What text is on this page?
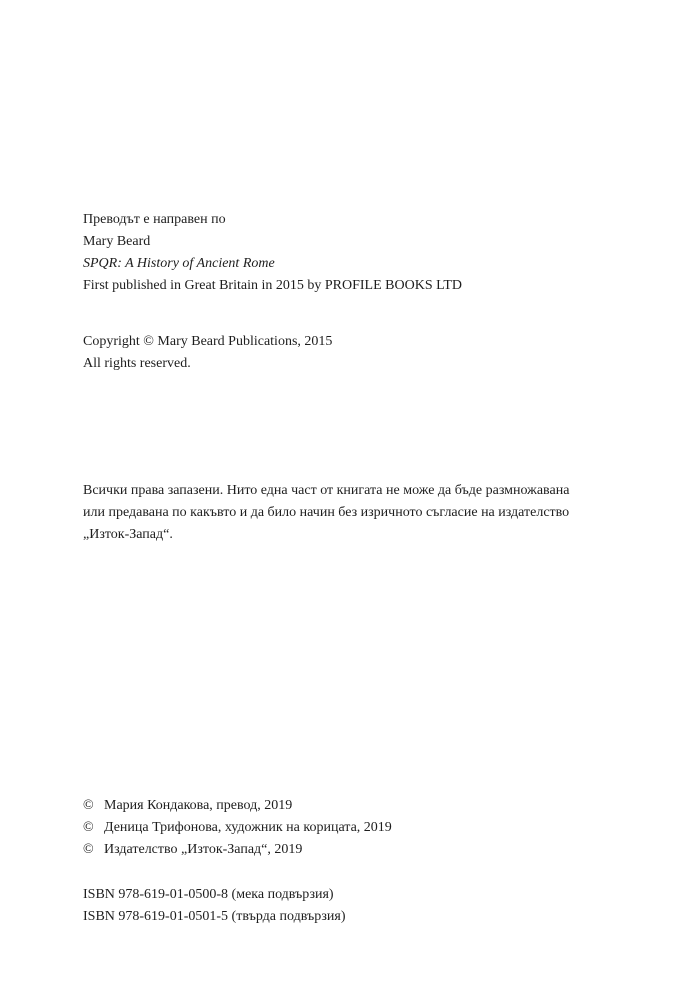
Преводът е направен по
Mary Beard
SPQR: A History of Ancient Rome
First published in Great Britain in 2015 by PROFILE BOOKS LTD
Copyright © Mary Beard Publications, 2015
All rights reserved.
Всички права запазени. Нито една част от книгата не може да бъде размножавана
или предавана по какъвто и да било начин без изричното съгласие на издателство
„Изток-Запад“.
© Мария Кондакова, превод, 2019
© Деница Трифонова, художник на корицата, 2019
© Издателство „Изток-Запад“, 2019
ISBN 978-619-01-0500-8 (мека подвързия)
ISBN 978-619-01-0501-5 (твърда подвързия)
